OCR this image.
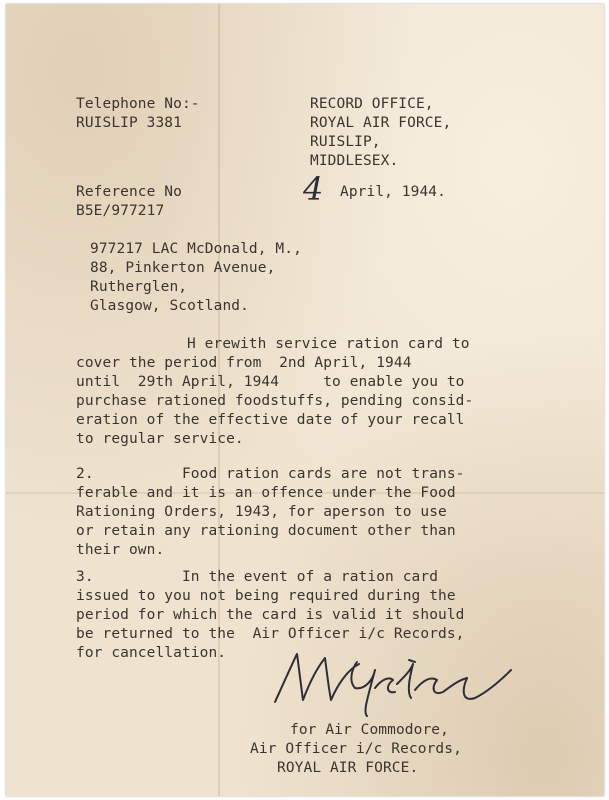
Telephone No:-

RUISLIP 3381

RECORD OFFICE,

ROYAL AIR FORCE,

RUISLIP,

MIDDLESEX.

Reference No

B5E/977217

4 April, 1944.

977217 LAC McDonald, M.,

88, Pinkerton Avenue,

Rutherglen,

Glasgow, Scotland.

H erewith service ration card to

cover the period from  2nd April, 1944

until  29th April, 1944     to enable you to

purchase rationed foodstuffs, pending consid-

eration of the effective date of your recall

to regular service.

2.          Food ration cards are not trans-

ferable and it is an offence under the Food

Rationing Orders, 1943, for aperson to use

or retain any rationing document other than

their own.

3.          In the event of a ration card

issued to you not being required during the

period for which the card is valid it should

be returned to the  Air Officer i/c Records,

for cancellation.

for Air Commodore,

Air Officer i/c Records,

ROYAL AIR FORCE.
